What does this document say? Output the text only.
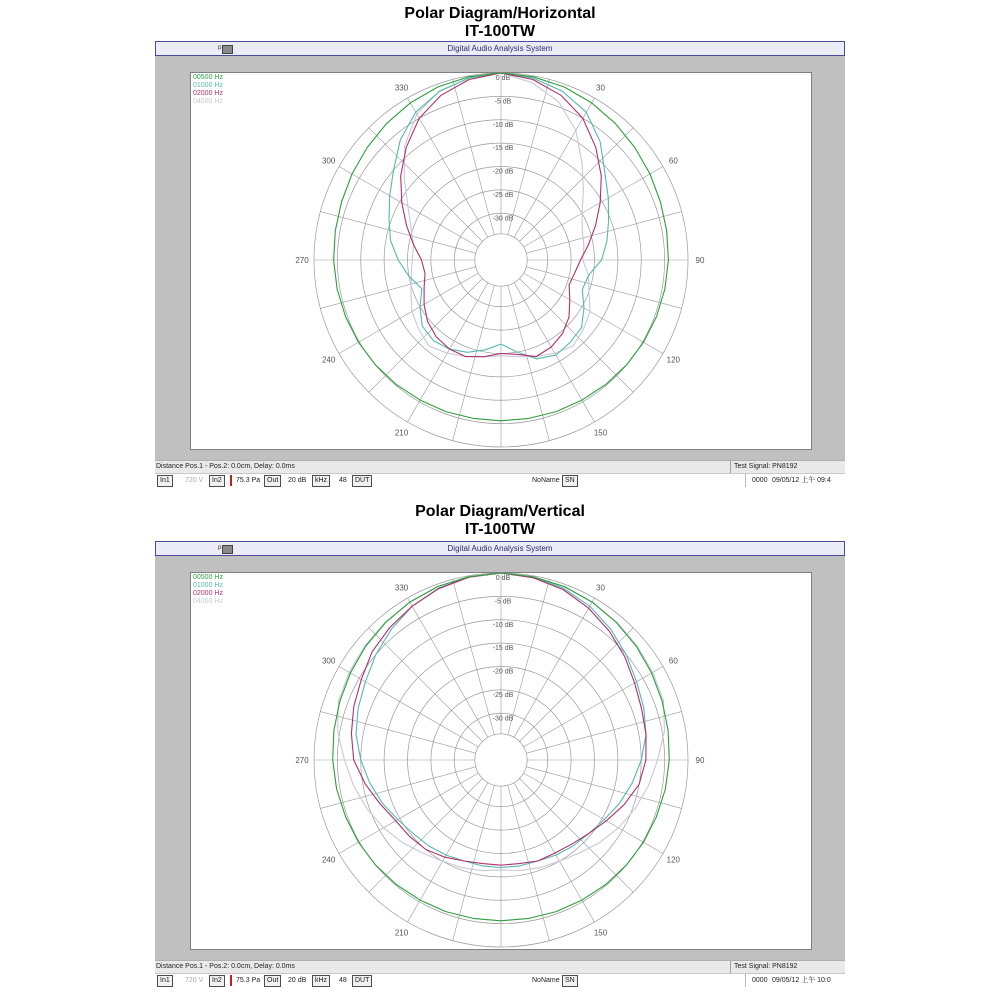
Polar Diagram/Horizontal
IT-100TW
ᵖ	Digital Audio Analysis System
30
60
90
120
150
210
240
270
300
330
0 dB
-5 dB
-10 dB
-15 dB
-20 dB
-25 dB
-30 dB
00500 Hz
01000 Hz
02000 Hz
04000 Hz
Distance Pos.1 - Pos.2: 0.0cm, Delay: 0.0ms	Test Signal: PN8192
In1	720 V	In2	75.3 Pa Out	20 dB	kHz	48	DUT	NoName SN	0000 09/05/12 上午 09:4
Polar Diagram/Vertical
IT-100TW
ᵖ	Digital Audio Analysis System
30
60
90
120
150
210
240
270
300
330
0 dB
-5 dB
-10 dB
-15 dB
-20 dB
-25 dB
-30 dB
00500 Hz
01000 Hz
02000 Hz
04000 Hz
Distance Pos.1 - Pos.2: 0.0cm, Delay: 0.0ms	Test Signal: PN8192
In1	720 V	In2	75.3 Pa Out	20 dB	kHz	48	DUT	NoName SN	0000 09/05/12 上午 10:0
